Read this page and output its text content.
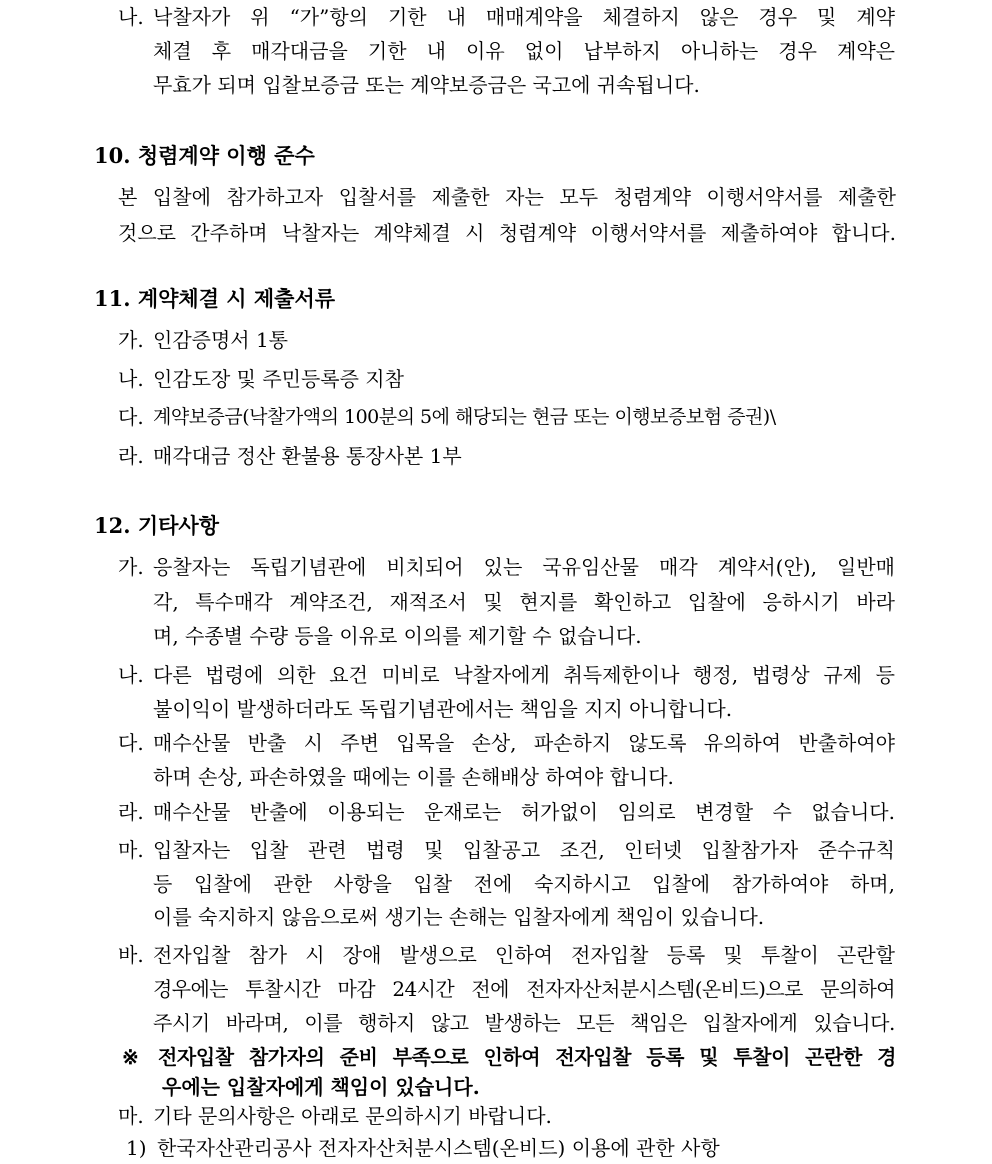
나. 낙찰자가 위 “가”항의 기한 내 매매계약을 체결하지 않은 경우 및 계약
체결 후 매각대금을 기한 내 이유 없이 납부하지 아니하는 경우 계약은
무효가 되며 입찰보증금 또는 계약보증금은 국고에 귀속됩니다.
10. 청렴계약 이행 준수
본 입찰에 참가하고자 입찰서를 제출한 자는 모두 청렴계약 이행서약서를 제출한
것으로 간주하며 낙찰자는 계약체결 시 청렴계약 이행서약서를 제출하여야 합니다.
11. 계약체결 시 제출서류
가. 인감증명서 1통
나. 인감도장 및 주민등록증 지참
다. 계약보증금(낙찰가액의 100분의 5에 해당되는 현금 또는 이행보증보험 증권)\
라. 매각대금 정산 환불용 통장사본 1부
12. 기타사항
가. 응찰자는 독립기념관에 비치되어 있는 국유임산물 매각 계약서(안), 일반매
각, 특수매각 계약조건, 재적조서 및 현지를 확인하고 입찰에 응하시기 바라
며, 수종별 수량 등을 이유로 이의를 제기할 수 없습니다.
나. 다른 법령에 의한 요건 미비로 낙찰자에게 취득제한이나 행정, 법령상 규제 등
불이익이 발생하더라도 독립기념관에서는 책임을 지지 아니합니다.
다. 매수산물 반출 시 주변 입목을 손상, 파손하지 않도록 유의하여 반출하여야
하며 손상, 파손하였을 때에는 이를 손해배상 하여야 합니다.
라. 매수산물 반출에 이용되는 운재로는 허가없이 임의로 변경할 수 없습니다.
마. 입찰자는 입찰 관련 법령 및 입찰공고 조건, 인터넷 입찰참가자 준수규칙
등 입찰에 관한 사항을 입찰 전에 숙지하시고 입찰에 참가하여야 하며,
이를 숙지하지 않음으로써 생기는 손해는 입찰자에게 책임이 있습니다.
바. 전자입찰 참가 시 장애 발생으로 인하여 전자입찰 등록 및 투찰이 곤란할
경우에는 투찰시간 마감 24시간 전에 전자자산처분시스템(온비드)으로 문의하여
주시기 바라며, 이를 행하지 않고 발생하는 모든 책임은 입찰자에게 있습니다.
※ 전자입찰 참가자의 준비 부족으로 인하여 전자입찰 등록 및 투찰이 곤란한 경
우에는 입찰자에게 책임이 있습니다.
마. 기타 문의사항은 아래로 문의하시기 바랍니다.
1) 한국자산관리공사 전자자산처분시스템(온비드) 이용에 관한 사항
